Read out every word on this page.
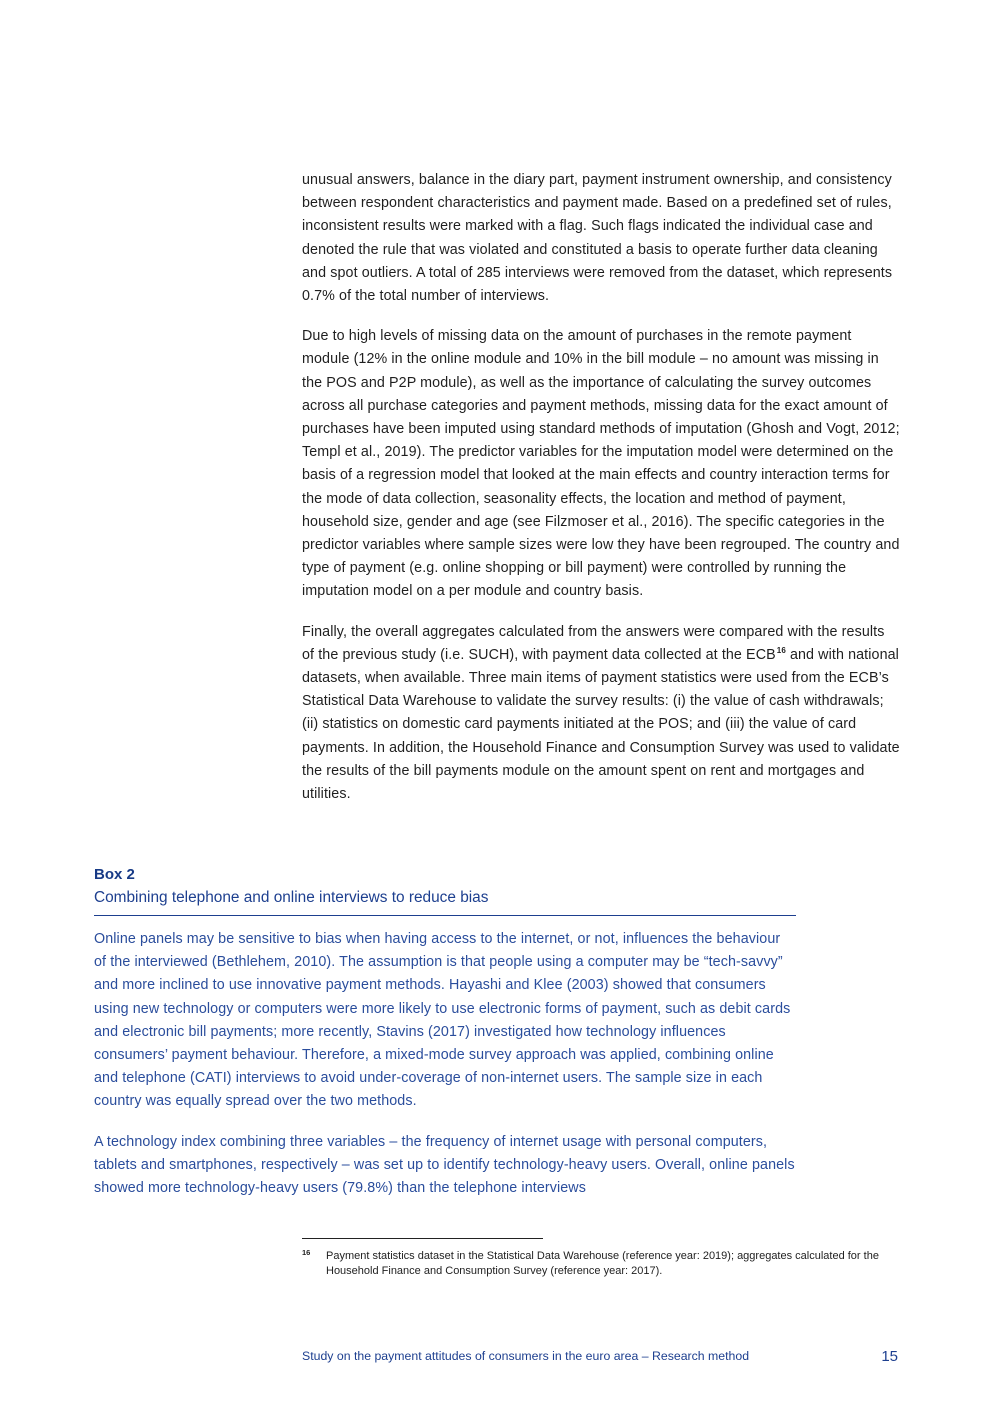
unusual answers, balance in the diary part, payment instrument ownership, and consistency between respondent characteristics and payment made. Based on a predefined set of rules, inconsistent results were marked with a flag. Such flags indicated the individual case and denoted the rule that was violated and constituted a basis to operate further data cleaning and spot outliers. A total of 285 interviews were removed from the dataset, which represents 0.7% of the total number of interviews.

Due to high levels of missing data on the amount of purchases in the remote payment module (12% in the online module and 10% in the bill module – no amount was missing in the POS and P2P module), as well as the importance of calculating the survey outcomes across all purchase categories and payment methods, missing data for the exact amount of purchases have been imputed using standard methods of imputation (Ghosh and Vogt, 2012; Templ et al., 2019). The predictor variables for the imputation model were determined on the basis of a regression model that looked at the main effects and country interaction terms for the mode of data collection, seasonality effects, the location and method of payment, household size, gender and age (see Filzmoser et al., 2016). The specific categories in the predictor variables where sample sizes were low they have been regrouped. The country and type of payment (e.g. online shopping or bill payment) were controlled by running the imputation model on a per module and country basis.

Finally, the overall aggregates calculated from the answers were compared with the results of the previous study (i.e. SUCH), with payment data collected at the ECB$^{16}$ and with national datasets, when available. Three main items of payment statistics were used from the ECB’s Statistical Data Warehouse to validate the survey results: (i) the value of cash withdrawals; (ii) statistics on domestic card payments initiated at the POS; and (iii) the value of card payments. In addition, the Household Finance and Consumption Survey was used to validate the results of the bill payments module on the amount spent on rent and mortgages and utilities.

Box 2
Combining telephone and online interviews to reduce bias

Online panels may be sensitive to bias when having access to the internet, or not, influences the behaviour of the interviewed (Bethlehem, 2010). The assumption is that people using a computer may be “tech-savvy” and more inclined to use innovative payment methods. Hayashi and Klee (2003) showed that consumers using new technology or computers were more likely to use electronic forms of payment, such as debit cards and electronic bill payments; more recently, Stavins (2017) investigated how technology influences consumers’ payment behaviour. Therefore, a mixed-mode survey approach was applied, combining online and telephone (CATI) interviews to avoid under-coverage of non-internet users. The sample size in each country was equally spread over the two methods.

A technology index combining three variables – the frequency of internet usage with personal computers, tablets and smartphones, respectively – was set up to identify technology-heavy users. Overall, online panels showed more technology-heavy users (79.8%) than the telephone interviews

16 Payment statistics dataset in the Statistical Data Warehouse (reference year: 2019); aggregates calculated for the Household Finance and Consumption Survey (reference year: 2017).
Study on the payment attitudes of consumers in the euro area – Research method	15
